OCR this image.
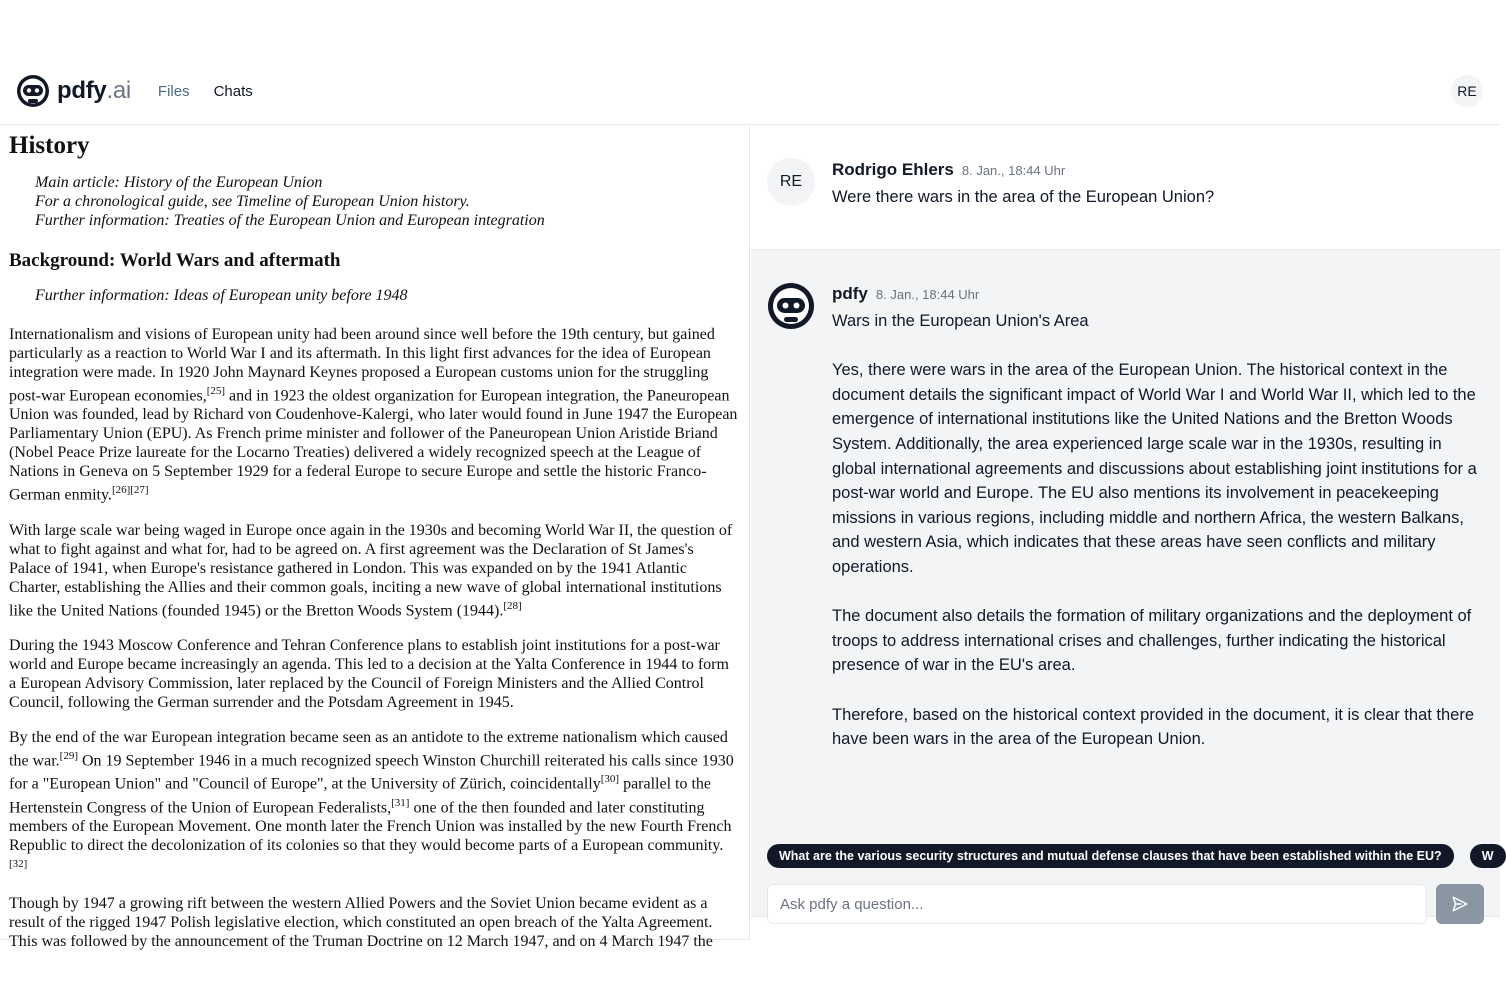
pdfy.ai Files Chats	RE
History
Main article: History of the European Union
For a chronological guide, see Timeline of European Union history.
Further information: Treaties of the European Union and European integration
Background: World Wars and aftermath
Further information: Ideas of European unity before 1948

Internationalism and visions of European unity had been around since well before the 19th century, but gained particularly as a reaction to World War I and its aftermath. In this light first advances for the idea of European integration were made. In 1920 John Maynard Keynes proposed a European customs union for the struggling post-war European economies,[25] and in 1923 the oldest organization for European integration, the Paneuropean Union was founded, lead by Richard von Coudenhove-Kalergi, who later would found in June 1947 the European Parliamentary Union (EPU). As French prime minister and follower of the Paneuropean Union Aristide Briand (Nobel Peace Prize laureate for the Locarno Treaties) delivered a widely recognized speech at the League of Nations in Geneva on 5 September 1929 for a federal Europe to secure Europe and settle the historic Franco-German enmity.[26][27]

With large scale war being waged in Europe once again in the 1930s and becoming World War II, the question of what to fight against and what for, had to be agreed on. A first agreement was the Declaration of St James's Palace of 1941, when Europe's resistance gathered in London. This was expanded on by the 1941 Atlantic Charter, establishing the Allies and their common goals, inciting a new wave of global international institutions like the United Nations (founded 1945) or the Bretton Woods System (1944).[28]

During the 1943 Moscow Conference and Tehran Conference plans to establish joint institutions for a post-war world and Europe became increasingly an agenda. This led to a decision at the Yalta Conference in 1944 to form a European Advisory Commission, later replaced by the Council of Foreign Ministers and the Allied Control Council, following the German surrender and the Potsdam Agreement in 1945.

By the end of the war European integration became seen as an antidote to the extreme nationalism which caused the war.[29] On 19 September 1946 in a much recognized speech Winston Churchill reiterated his calls since 1930 for a "European Union" and "Council of Europe", at the University of Zürich, coincidentally[30] parallel to the Hertenstein Congress of the Union of European Federalists,[31] one of the then founded and later constituting members of the European Movement. One month later the French Union was installed by the new Fourth French Republic to direct the decolonization of its colonies so that they would become parts of a European community.[32]

Though by 1947 a growing rift between the western Allied Powers and the Soviet Union became evident as a result of the rigged 1947 Polish legislative election, which constituted an open breach of the Yalta Agreement. This was followed by the announcement of the Truman Doctrine on 12 March 1947, and on 4 March 1947 the

RE
Rodrigo Ehlers 8. Jan., 18:44 Uhr
Were there wars in the area of the European Union?
pdfy 8. Jan., 18:44 Uhr

Wars in the European Union's Area

Yes, there were wars in the area of the European Union. The historical context in the document details the significant impact of World War I and World War II, which led to the emergence of international institutions like the United Nations and the Bretton Woods System. Additionally, the area experienced large scale war in the 1930s, resulting in global international agreements and discussions about establishing joint institutions for a post-war world and Europe. The EU also mentions its involvement in peacekeeping missions in various regions, including middle and northern Africa, the western Balkans, and western Asia, which indicates that these areas have seen conflicts and military operations.

The document also details the formation of military organizations and the deployment of troops to address international crises and challenges, further indicating the historical presence of war in the EU's area.

Therefore, based on the historical context provided in the document, it is clear that there have been wars in the area of the European Union.

What are the various security structures and mutual defense clauses that have been established within the EU?	W
Ask pdfy a question...
